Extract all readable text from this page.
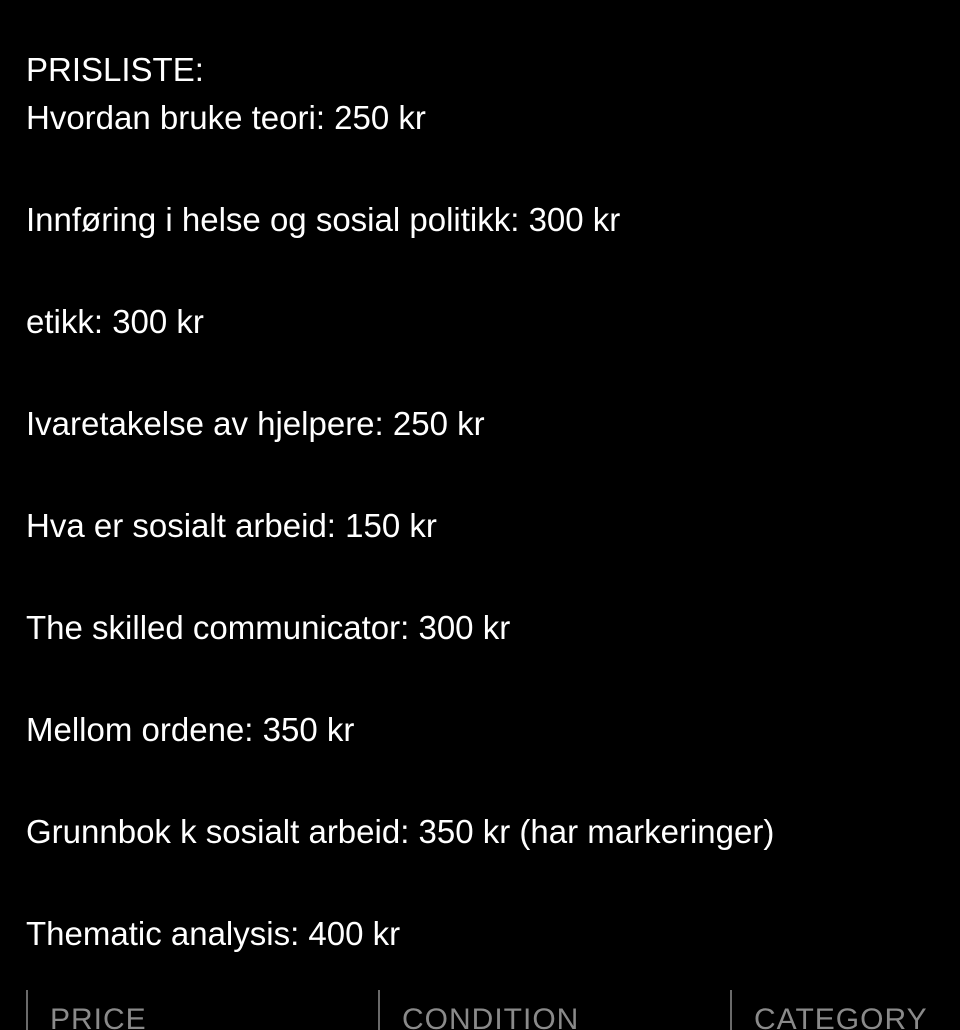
PRISLISTE:
Hvordan bruke teori: 250 kr
Innføring i helse og sosial politikk: 300 kr
etikk: 300 kr
Ivaretakelse av hjelpere: 250 kr
Hva er sosialt arbeid: 150 kr
The skilled communicator: 300 kr
Mellom ordene: 350 kr
Grunnbok k sosialt arbeid: 350 kr (har markeringer)
Thematic analysis: 400 kr
PRICE	CONDITION	CATEGORY
